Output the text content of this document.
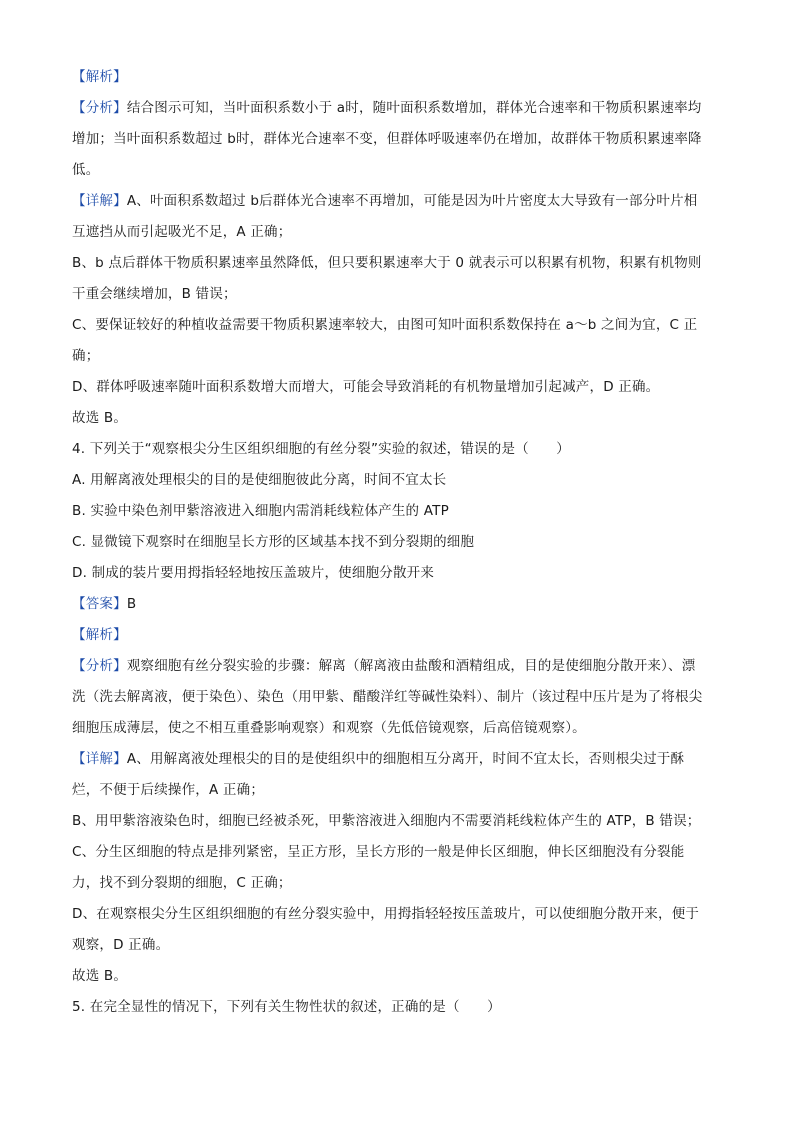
【解析】
【分析】结合图示可知，当叶面积系数小于 a时，随叶面积系数增加，群体光合速率和干物质积累速率均
增加；当叶面积系数超过 b时，群体光合速率不变，但群体呼吸速率仍在增加，故群体干物质积累速率降
低。
【详解】A、叶面积系数超过 b后群体光合速率不再增加，可能是因为叶片密度太大导致有一部分叶片相
互遮挡从而引起吸光不足，A 正确；
B、b 点后群体干物质积累速率虽然降低，但只要积累速率大于 0 就表示可以积累有机物，积累有机物则
干重会继续增加，B 错误；
C、要保证较好的种植收益需要干物质积累速率较大，由图可知叶面积系数保持在 a～b 之间为宜，C 正
确；
D、群体呼吸速率随叶面积系数增大而增大，可能会导致消耗的有机物量增加引起减产，D 正确。
故选 B。
4. 下列关于“观察根尖分生区组织细胞的有丝分裂”实验的叙述，错误的是（　　）
A. 用解离液处理根尖的目的是使细胞彼此分离，时间不宜太长
B. 实验中染色剂甲紫溶液进入细胞内需消耗线粒体产生的 ATP
C. 显微镜下观察时在细胞呈长方形的区域基本找不到分裂期的细胞
D. 制成的装片要用拇指轻轻地按压盖玻片，使细胞分散开来
【答案】B
【解析】
【分析】观察细胞有丝分裂实验的步骤：解离（解离液由盐酸和酒精组成，目的是使细胞分散开来）、漂
洗（洗去解离液，便于染色）、染色（用甲紫、醋酸洋红等碱性染料）、制片（该过程中压片是为了将根尖
细胞压成薄层，使之不相互重叠影响观察）和观察（先低倍镜观察，后高倍镜观察）。
【详解】A、用解离液处理根尖的目的是使组织中的细胞相互分离开，时间不宜太长，否则根尖过于酥
烂，不便于后续操作，A 正确；
B、用甲紫溶液染色时，细胞已经被杀死，甲紫溶液进入细胞内不需要消耗线粒体产生的 ATP，B 错误；
C、分生区细胞的特点是排列紧密，呈正方形，呈长方形的一般是伸长区细胞，伸长区细胞没有分裂能
力，找不到分裂期的细胞，C 正确；
D、在观察根尖分生区组织细胞的有丝分裂实验中，用拇指轻轻按压盖玻片，可以使细胞分散开来，便于
观察，D 正确。
故选 B。
5. 在完全显性的情况下，下列有关生物性状的叙述，正确的是（　　）
